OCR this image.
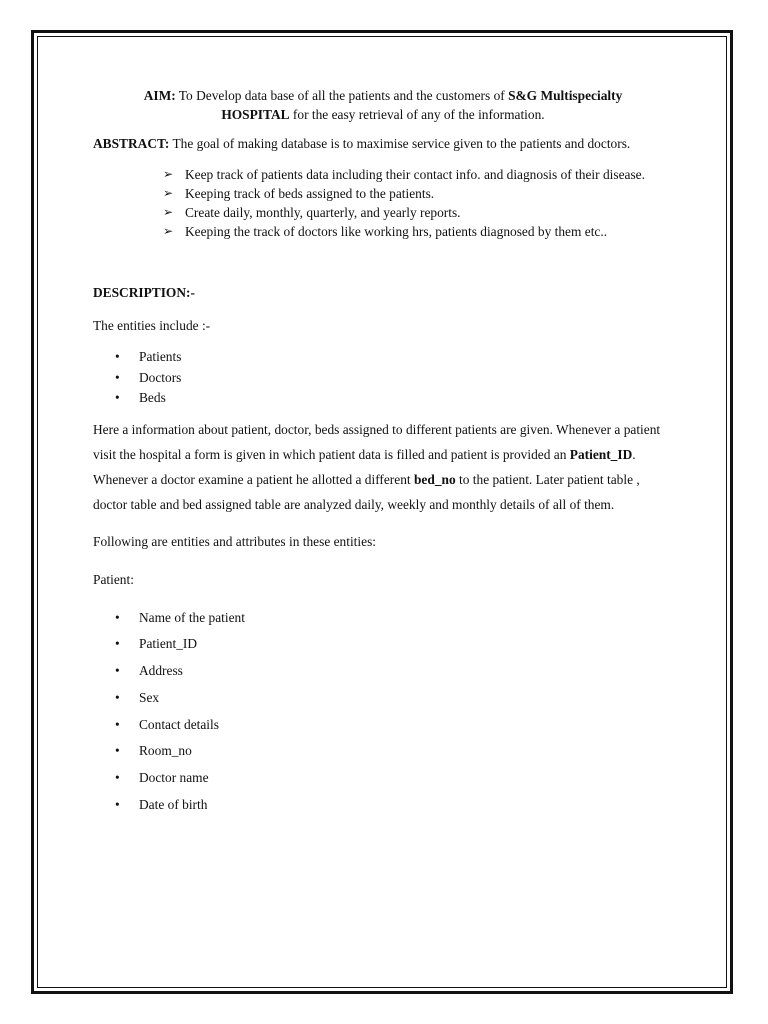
AIM: To Develop data base of all the patients and the customers of S&G Multispecialty
HOSPITAL for the easy retrieval of any of the information.
ABSTRACT: The goal of making database is to maximise service given to the patients and doctors.
➢ Keep track of patients data including their contact info. and diagnosis of their disease.
➢ Keeping track of beds assigned to the patients.
➢ Create daily, monthly, quarterly, and yearly reports.
➢ Keeping the track of doctors like working hrs, patients diagnosed by them etc..
DESCRIPTION:-
The entities include :-
• Patients
• Doctors
• Beds
Here a information about patient, doctor, beds assigned to different patients are given. Whenever a patient visit the hospital a form is given in which patient data is filled and patient is provided an Patient_ID. Whenever a doctor examine a patient he allotted a different bed_no to the patient. Later patient table , doctor table and bed assigned table are analyzed daily, weekly and monthly details of all of them.
Following are entities and attributes in these entities:
Patient:
• Name of the patient
• Patient_ID
• Address
• Sex
• Contact details
• Room_no
• Doctor name
• Date of birth
